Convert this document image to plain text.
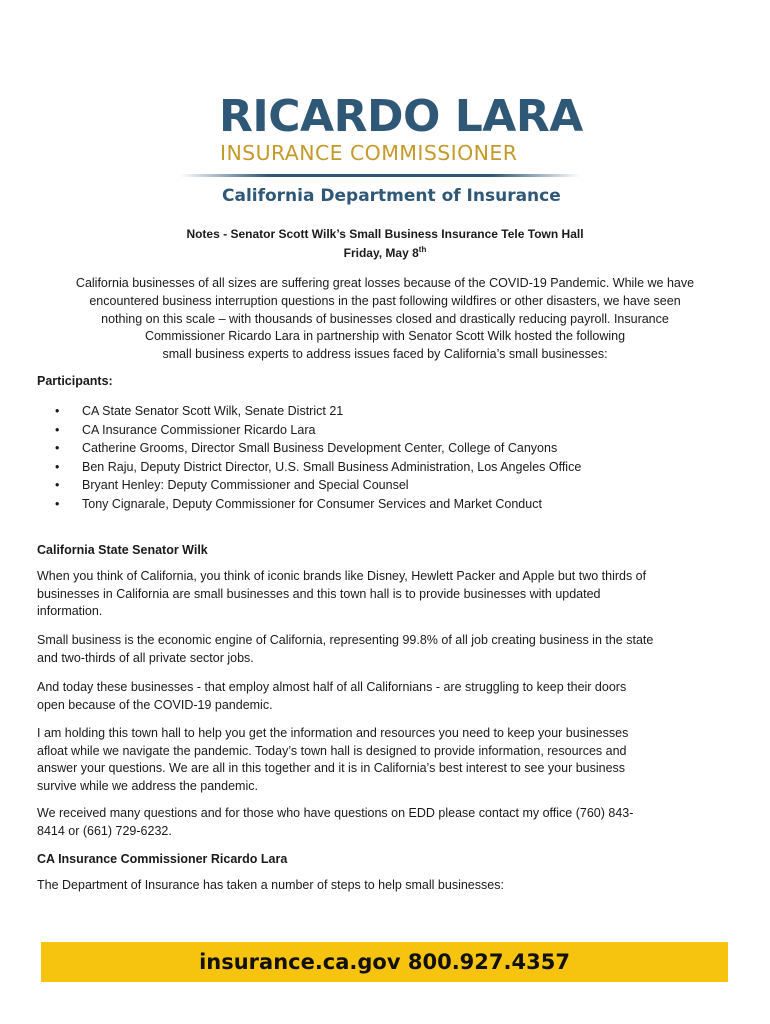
RICARDO LARA
INSURANCE COMMISSIONER
California Department of Insurance
Notes - Senator Scott Wilk’s Small Business Insurance Tele Town Hall
Friday, May 8th
California businesses of all sizes are suffering great losses because of the COVID-19 Pandemic. While we have
encountered business interruption questions in the past following wildfires or other disasters, we have seen
nothing on this scale – with thousands of businesses closed and drastically reducing payroll. Insurance
Commissioner Ricardo Lara in partnership with Senator Scott Wilk hosted the following
small business experts to address issues faced by California’s small businesses:
Participants:
• CA State Senator Scott Wilk, Senate District 21
• CA Insurance Commissioner Ricardo Lara
• Catherine Grooms, Director Small Business Development Center, College of Canyons
• Ben Raju, Deputy District Director, U.S. Small Business Administration, Los Angeles Office
• Bryant Henley: Deputy Commissioner and Special Counsel
• Tony Cignarale, Deputy Commissioner for Consumer Services and Market Conduct
California State Senator Wilk
When you think of California, you think of iconic brands like Disney, Hewlett Packer and Apple but two thirds of
businesses in California are small businesses and this town hall is to provide businesses with updated
information.
Small business is the economic engine of California, representing 99.8% of all job creating business in the state
and two-thirds of all private sector jobs.
And today these businesses - that employ almost half of all Californians - are struggling to keep their doors
open because of the COVID-19 pandemic.
I am holding this town hall to help you get the information and resources you need to keep your businesses
afloat while we navigate the pandemic. Today’s town hall is designed to provide information, resources and
answer your questions. We are all in this together and it is in California’s best interest to see your business
survive while we address the pandemic.
We received many questions and for those who have questions on EDD please contact my office (760) 843-
8414 or (661) 729-6232.
CA Insurance Commissioner Ricardo Lara
The Department of Insurance has taken a number of steps to help small businesses:
insurance.ca.gov 800.927.4357
